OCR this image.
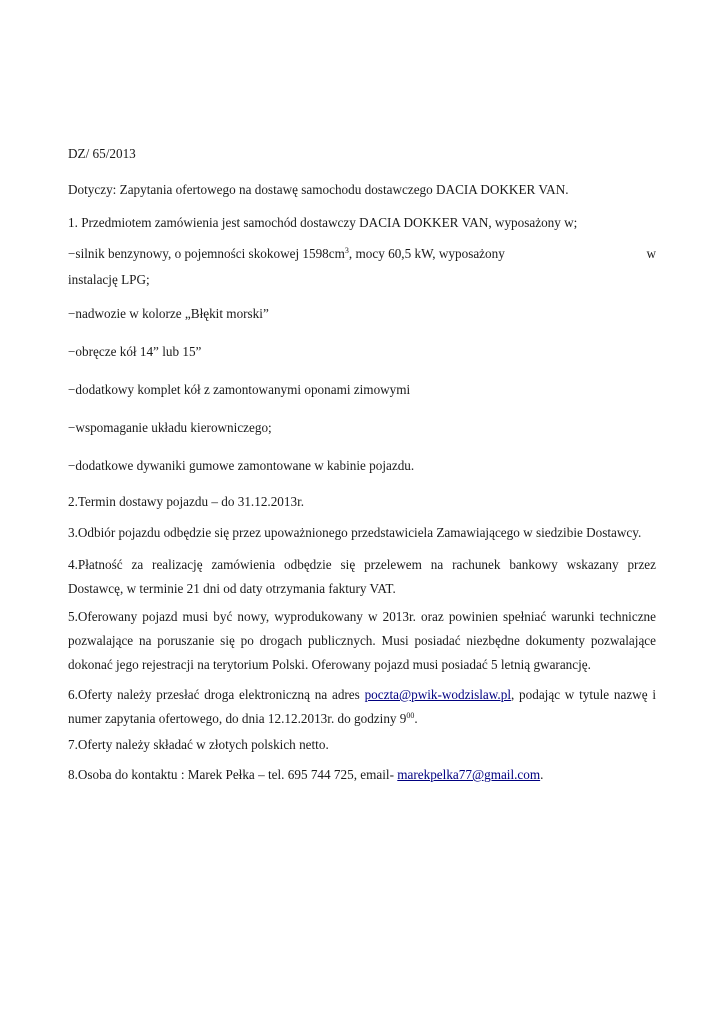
DZ/ 65/2013
Dotyczy: Zapytania ofertowego na dostawę samochodu dostawczego DACIA DOKKER VAN.
1. Przedmiotem zamówienia jest samochód dostawczy DACIA DOKKER VAN, wyposażony w;
−silnik benzynowy, o pojemności skokowej $1598cm^3$, mocy 60,5 kW, wyposażony	w
instalację LPG;
−nadwozie w kolorze „Błękit morski”
−obręcze kół 14” lub 15”
−dodatkowy komplet kół z zamontowanymi oponami zimowymi
−wspomaganie układu kierowniczego;
−dodatkowe dywaniki gumowe zamontowane w kabinie pojazdu.
2.Termin dostawy pojazdu – do 31.12.2013r.
3.Odbiór pojazdu odbędzie się przez upoważnionego przedstawiciela Zamawiającego w siedzibie Dostawcy.
4.Płatność za realizację zamówienia odbędzie się przelewem na rachunek bankowy wskazany przez
Dostawcę, w terminie 21 dni od daty otrzymania faktury VAT.
5.Oferowany pojazd musi być nowy, wyprodukowany w 2013r. oraz powinien spełniać warunki techniczne
pozwalające na poruszanie się po drogach publicznych. Musi posiadać niezbędne dokumenty pozwalające
dokonać jego rejestracji na terytorium Polski. Oferowany pojazd musi posiadać 5 letnią gwarancję.
6.Oferty należy przesłać droga elektroniczną na adres poczta@pwik-wodzislaw.pl, podając w tytule nazwę i
numer zapytania ofertowego, do dnia 12.12.2013r. do godziny $9^{00}$.
7.Oferty należy składać w złotych polskich netto.
8.Osoba do kontaktu : Marek Pełka – tel. 695 744 725, email- marekpelka77@gmail.com.
